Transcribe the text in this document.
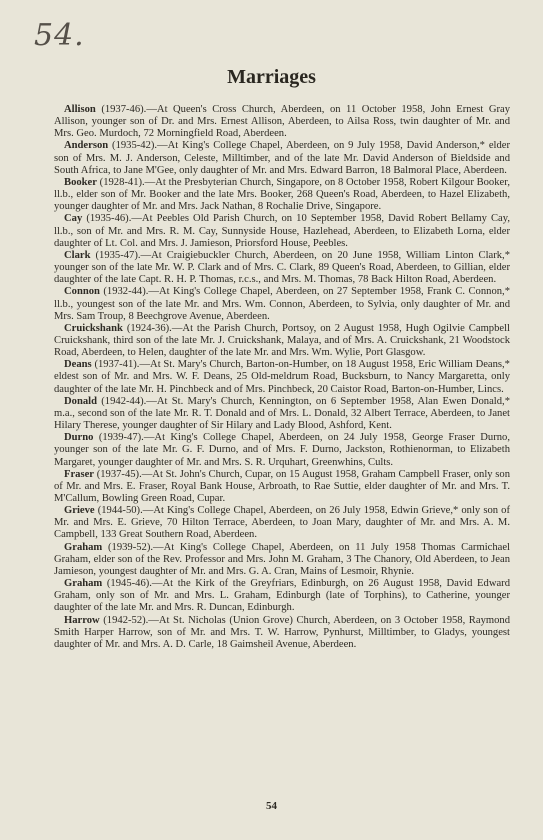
54.
Marriages

Allison (1937-46).—At Queen's Cross Church, Aberdeen, on 11 October 1958, John Ernest Gray Allison, younger son of Dr. and Mrs. Ernest Allison, Aberdeen, to Ailsa Ross, twin daughter of Mr. and Mrs. Geo. Murdoch, 72 Morningfield Road, Aberdeen.

Anderson (1935-42).—At King's College Chapel, Aberdeen, on 9 July 1958, David Anderson,* elder son of Mrs. M. J. Anderson, Celeste, Milltimber, and of the late Mr. David Anderson of Bieldside and South Africa, to Jane M'Gee, only daughter of Mr. and Mrs. Edward Barron, 18 Balmoral Place, Aberdeen.

Booker (1928-41).—At the Presbyterian Church, Singapore, on 8 October 1958, Robert Kilgour Booker, ll.b., elder son of Mr. Booker and the late Mrs. Booker, 268 Queen's Road, Aberdeen, to Hazel Elizabeth, younger daughter of Mr. and Mrs. Jack Nathan, 8 Rochalie Drive, Singapore.

Cay (1935-46).—At Peebles Old Parish Church, on 10 September 1958, David Robert Bellamy Cay, ll.b., son of Mr. and Mrs. R. M. Cay, Sunnyside House, Hazlehead, Aberdeen, to Elizabeth Lorna, elder daughter of Lt. Col. and Mrs. J. Jamieson, Priorsford House, Peebles.

Clark (1935-47).—At Craigiebuckler Church, Aberdeen, on 20 June 1958, William Linton Clark,* younger son of the late Mr. W. P. Clark and of Mrs. C. Clark, 89 Queen's Road, Aberdeen, to Gillian, elder daughter of the late Capt. R. H. P. Thomas, r.c.s., and Mrs. M. Thomas, 78 Back Hilton Road, Aberdeen.

Connon (1932-44).—At King's College Chapel, Aberdeen, on 27 September 1958, Frank C. Connon,* ll.b., youngest son of the late Mr. and Mrs. Wm. Connon, Aberdeen, to Sylvia, only daughter of Mr. and Mrs. Sam Troup, 8 Beechgrove Avenue, Aberdeen.

Cruickshank (1924-36).—At the Parish Church, Portsoy, on 2 August 1958, Hugh Ogilvie Campbell Cruickshank, third son of the late Mr. J. Cruickshank, Malaya, and of Mrs. A. Cruickshank, 21 Woodstock Road, Aberdeen, to Helen, daughter of the late Mr. and Mrs. Wm. Wylie, Port Glasgow.

Deans (1937-41).—At St. Mary's Church, Barton-on-Humber, on 18 August 1958, Eric William Deans,* eldest son of Mr. and Mrs. W. F. Deans, 25 Old-meldrum Road, Bucksburn, to Nancy Margaretta, only daughter of the late Mr. H. Pinchbeck and of Mrs. Pinchbeck, 20 Caistor Road, Barton-on-Humber, Lincs.

Donald (1942-44).—At St. Mary's Church, Kennington, on 6 September 1958, Alan Ewen Donald,* m.a., second son of the late Mr. R. T. Donald and of Mrs. L. Donald, 32 Albert Terrace, Aberdeen, to Janet Hilary Therese, younger daughter of Sir Hilary and Lady Blood, Ashford, Kent.

Durno (1939-47).—At King's College Chapel, Aberdeen, on 24 July 1958, George Fraser Durno, younger son of the late Mr. G. F. Durno, and of Mrs. F. Durno, Jackston, Rothienorman, to Elizabeth Margaret, younger daughter of Mr. and Mrs. S. R. Urquhart, Greenwhins, Cults.

Fraser (1937-45).—At St. John's Church, Cupar, on 15 August 1958, Graham Campbell Fraser, only son of Mr. and Mrs. E. Fraser, Royal Bank House, Arbroath, to Rae Suttie, elder daughter of Mr. and Mrs. T. M'Callum, Bowling Green Road, Cupar.

Grieve (1944-50).—At King's College Chapel, Aberdeen, on 26 July 1958, Edwin Grieve,* only son of Mr. and Mrs. E. Grieve, 70 Hilton Terrace, Aberdeen, to Joan Mary, daughter of Mr. and Mrs. A. M. Campbell, 133 Great Southern Road, Aberdeen.

Graham (1939-52).—At King's College Chapel, Aberdeen, on 11 July 1958 Thomas Carmichael Graham, elder son of the Rev. Professor and Mrs. John M. Graham, 3 The Chanory, Old Aberdeen, to Jean Jamieson, youngest daughter of Mr. and Mrs. G. A. Cran, Mains of Lesmoir, Rhynie.

Graham (1945-46).—At the Kirk of the Greyfriars, Edinburgh, on 26 August 1958, David Edward Graham, only son of Mr. and Mrs. L. Graham, Edinburgh (late of Torphins), to Catherine, younger daughter of the late Mr. and Mrs. R. Duncan, Edinburgh.

Harrow (1942-52).—At St. Nicholas (Union Grove) Church, Aberdeen, on 3 October 1958, Raymond Smith Harper Harrow, son of Mr. and Mrs. T. W. Harrow, Pynhurst, Milltimber, to Gladys, youngest daughter of Mr. and Mrs. A. D. Carle, 18 Gaimsheil Avenue, Aberdeen.

54
